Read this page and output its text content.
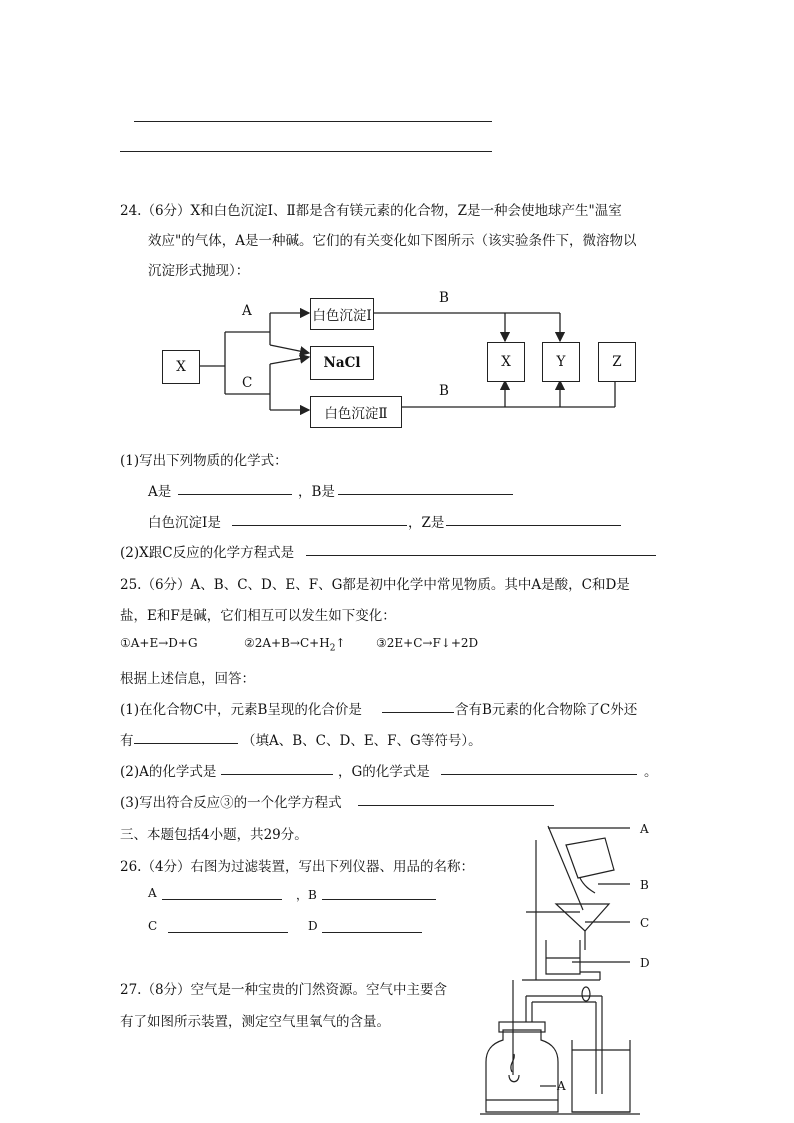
24.（6分）X和白色沉淀Ⅰ、Ⅱ都是含有镁元素的化合物，Z是一种会使地球产生"温室
效应"的气体，A是一种碱。它们的有关变化如下图所示（该实验条件下，微溶物以
沉淀形式抛现）：
X
A
C
白色沉淀Ⅰ
NaCl
白色沉淀Ⅱ
B
B
X	Y	Z
(1)写出下列物质的化学式：
A是	，B是
白色沉淀Ⅰ是	，Z是
(2)X跟C反应的化学方程式是
25.（6分）A、B、C、D、E、F、G都是初中化学中常见物质。其中A是酸，C和D是
盐，E和F是碱，它们相互可以发生如下变化：
①A+E→D+G	$②2A+B\to C+H_2↑$	③2E+C→F↓+2D
根据上述信息，回答：
(1)在化合物C中，元素B呈现的化合价是	含有B元素的化合物除了C外还
有	（填A、B、C、D、E、F、G等符号）。
(2)A的化学式是	，G的化学式是	。
(3)写出符合反应③的一个化学方程式
三、本题包括4小题，共29分。
26.（4分）右图为过滤装置，写出下列仪器、用品的名称：
A	，B
C	D
A
B
C
D
27.（8分）空气是一种宝贵的门然资源。空气中主要含
有了如图所示装置，测定空气里氧气的含量。
A
